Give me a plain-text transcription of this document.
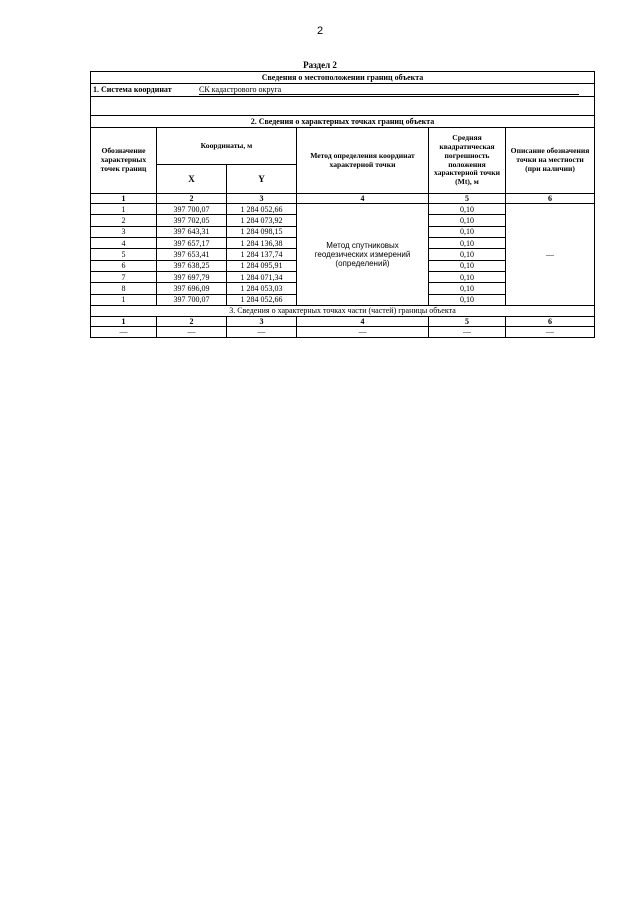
2
Раздел 2
Сведения о местоположении границ объекта					
1. Система координат СК кадастрового округа					

2. Сведения о характерных точках границ объекта					
Обозначение характерных точек границ	Координаты, м		Метод определения координат характерной точки	Средняя квадратическая погрешность положения характерной точки (Mt), м	Описание обозначения точки на местности (при наличии)
	X	Y			
1	2	3	4	5	6
1	397 700,07	1 284 052,66	Метод спутниковых геодезических измерений (определений)	0,10	—
2	397 702,05	1 284 073,92		0,10	
3	397 643,31	1 284 098,15		0,10	
4	397 657,17	1 284 136,38		0,10	
5	397 653,41	1 284 137,74		0,10	
6	397 638,25	1 284 095,91		0,10	
7	397 697,79	1 284 071,34		0,10	
8	397 696,09	1 284 053,03		0,10	
1	397 700,07	1 284 052,66		0,10	
3. Сведения о характерных точках части (частей) границы объекта					
1	2	3	4	5	6
—	—	—	—	—	—
